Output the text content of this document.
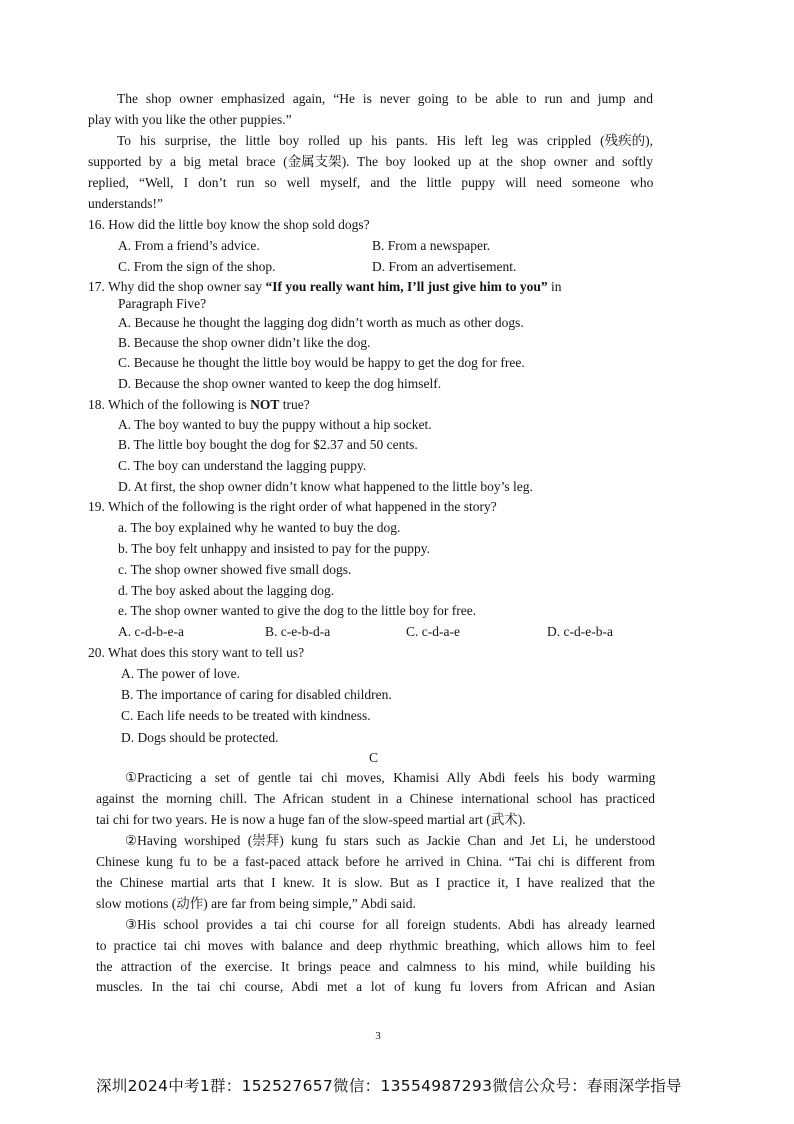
The shop owner emphasized again, “He is never going to be able to run and jump and
play with you like the other puppies.”
To his surprise, the little boy rolled up his pants. His left leg was crippled (残疾的),
supported by a big metal brace (金属支架). The boy looked up at the shop owner and softly
replied, “Well, I don’t run so well myself, and the little puppy will need someone who
understands!”
16. How did the little boy know the shop sold dogs?
A. From a friend’s advice.	B. From a newspaper.
C. From the sign of the shop.	D. From an advertisement.
17. Why did the shop owner say “If you really want him, I’ll just give him to you” in
Paragraph Five?
A. Because he thought the lagging dog didn’t worth as much as other dogs.
B. Because the shop owner didn’t like the dog.
C. Because he thought the little boy would be happy to get the dog for free.
D. Because the shop owner wanted to keep the dog himself.
18. Which of the following is NOT true?
A. The boy wanted to buy the puppy without a hip socket.
B. The little boy bought the dog for $2.37 and 50 cents.
C. The boy can understand the lagging puppy.
D. At first, the shop owner didn’t know what happened to the little boy’s leg.
19. Which of the following is the right order of what happened in the story?
a. The boy explained why he wanted to buy the dog.
b. The boy felt unhappy and insisted to pay for the puppy.
c. The shop owner showed five small dogs.
d. The boy asked about the lagging dog.
e. The shop owner wanted to give the dog to the little boy for free.
A. c-d-b-e-a	B. c-e-b-d-a	C. c-d-a-e	D. c-d-e-b-a
20. What does this story want to tell us?
A. The power of love.
B. The importance of caring for disabled children.
C. Each life needs to be treated with kindness.
D. Dogs should be protected.
C
①Practicing a set of gentle tai chi moves, Khamisi Ally Abdi feels his body warming
against the morning chill. The African student in a Chinese international school has practiced
tai chi for two years. He is now a huge fan of the slow-speed martial art (武术).
②Having worshiped (崇拜) kung fu stars such as Jackie Chan and Jet Li, he understood
Chinese kung fu to be a fast-paced attack before he arrived in China. “Tai chi is different from
the Chinese martial arts that I knew. It is slow. But as I practice it, I have realized that the
slow motions (动作) are far from being simple,” Abdi said.
③His school provides a tai chi course for all foreign students. Abdi has already learned
to practice tai chi moves with balance and deep rhythmic breathing, which allows him to feel
the attraction of the exercise. It brings peace and calmness to his mind, while building his
muscles. In the tai chi course, Abdi met a lot of kung fu lovers from African and Asian
3
深圳2024中考1群：152527657微信：13554987293微信公众号：春雨深学指导
